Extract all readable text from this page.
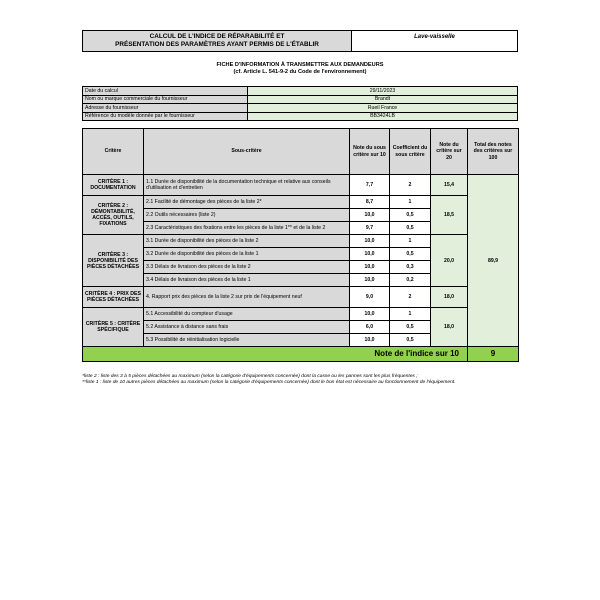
CALCUL DE L'INDICE DE RÉPARABILITÉ ET
PRÉSENTATION DES PARAMÈTRES AYANT PERMIS DE L'ÉTABLIR
Lave-vaisselle
FICHE D'INFORMATION À TRANSMETTRE AUX DEMANDEURS
(cf. Article L. 541-9-2 du Code de l'environnement)
Date du calcul	29/11/2023
Nom ou marque commerciale du fournisseur	Brandt
Adresse du fournisseur	Rueil France
Référence du modèle donnée par le fournisseur	BB3424LB
Critère	Sous-critère	Note du sous critère sur 10	Coefficient du sous critère	Note du critère sur 20	Total des notes des critères sur 100
CRITÈRE 1 : DOCUMENTATION	1.1 Durée de disponibilité de la documentation technique et relative aux conseils d'utilisation et d'entretien	7,7	2	15,4	89,9
CRITÈRE 2 : DÉMONTABILITÉ, ACCÈS, OUTILS, FIXATIONS	2.1 Facilité de démontage des pièces de la liste 2*	8,7	1	18,5	
	2.2 Outils nécessaires (liste 2)	10,0	0,5		
	2.3 Caractéristiques des fixations entre les pièces de la liste 1** et de la liste 2	9,7	0,5		
CRITÈRE 3 : DISPONIBILITÉ DES PIÈCES DÉTACHÉES	3.1 Durée de disponibilité des pièces de la liste 2	10,0	1	20,0	
	3.2 Durée de disponibilité des pièces de la liste 1	10,0	0,5		
	3.3 Délais de livraison des pièces de la liste 2	10,0	0,3		
	3.4 Délais de livraison des pièces de la liste 1	10,0	0,2		
CRITÈRE 4 : PRIX DES PIÈCES DÉTACHÉES	4. Rapport prix des pièces de la liste 2 sur prix de l'équipement neuf	9,0	2	18,0	
CRITÈRE 5 : CRITÈRE SPÉCIFIQUE	5.1 Accessibilité du compteur d'usage	10,0	1	18,0	
	5.2 Assistance à distance sans frais	6,0	0,5		
	5.3 Possibilité de réinitialisation logicielle	10,0	0,5		
Note de l'indice sur 10					9
*liste 2 : liste des 3 à 5 pièces détachées au maximum (selon la catégorie d'équipements concernée) dont la casse ou les pannes sont les plus fréquentes ;
**liste 1 : liste de 10 autres pièces détachées au maximum (selon la catégorie d'équipements concernée) dont le bon état est nécessaire au fonctionnement de l'équipement.
